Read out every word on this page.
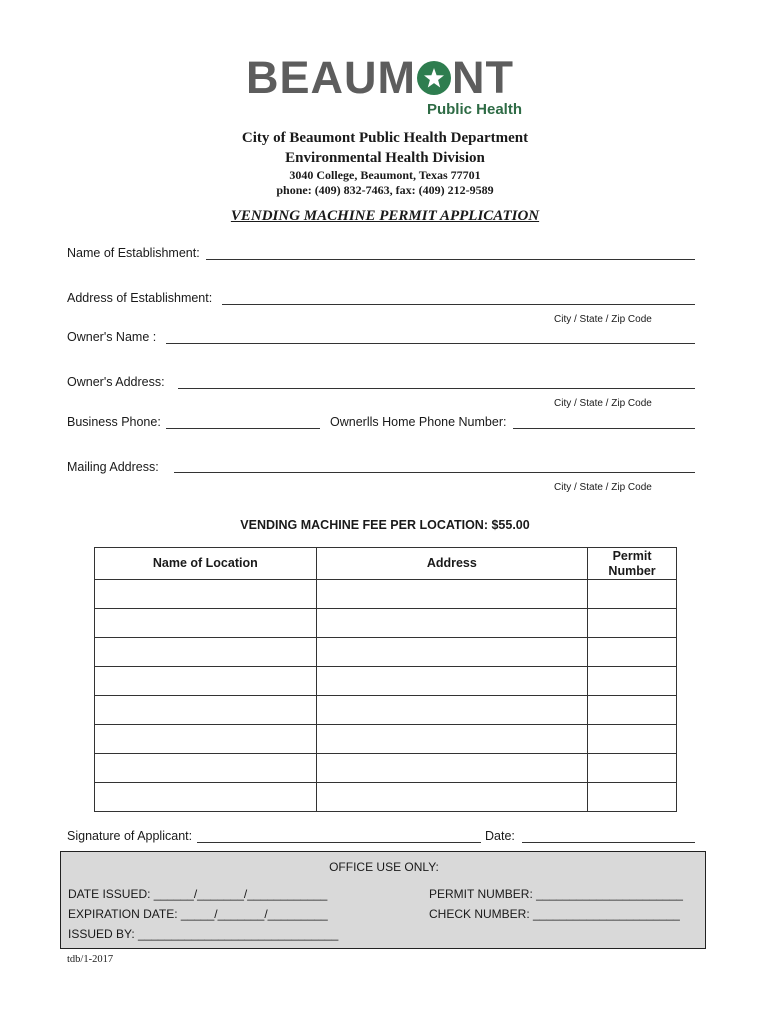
BEAUM NT
Public Health
City of Beaumont Public Health Department
Environmental Health Division
3040 College, Beaumont, Texas 77701
phone: (409) 832-7463, fax: (409) 212-9589
VENDING MACHINE PERMIT APPLICATION
Name of Establishment:
Address of Establishment:
City / State / Zip Code
Owner's Name :
Owner's Address:
City / State / Zip Code
Business Phone:	Ownerlls Home Phone Number:
Mailing Address:
City / State / Zip Code
VENDING MACHINE FEE PER LOCATION: $55.00
Name of Location	Address	Permit
Number

Signature of Applicant:	Date:
OFFICE USE ONLY:
DATE ISSUED: ______/_______/____________	PERMIT NUMBER: ______________________
EXPIRATION DATE: _____/_______/_________	CHECK NUMBER: ______________________
ISSUED BY: ______________________________
tdb/1-2017
